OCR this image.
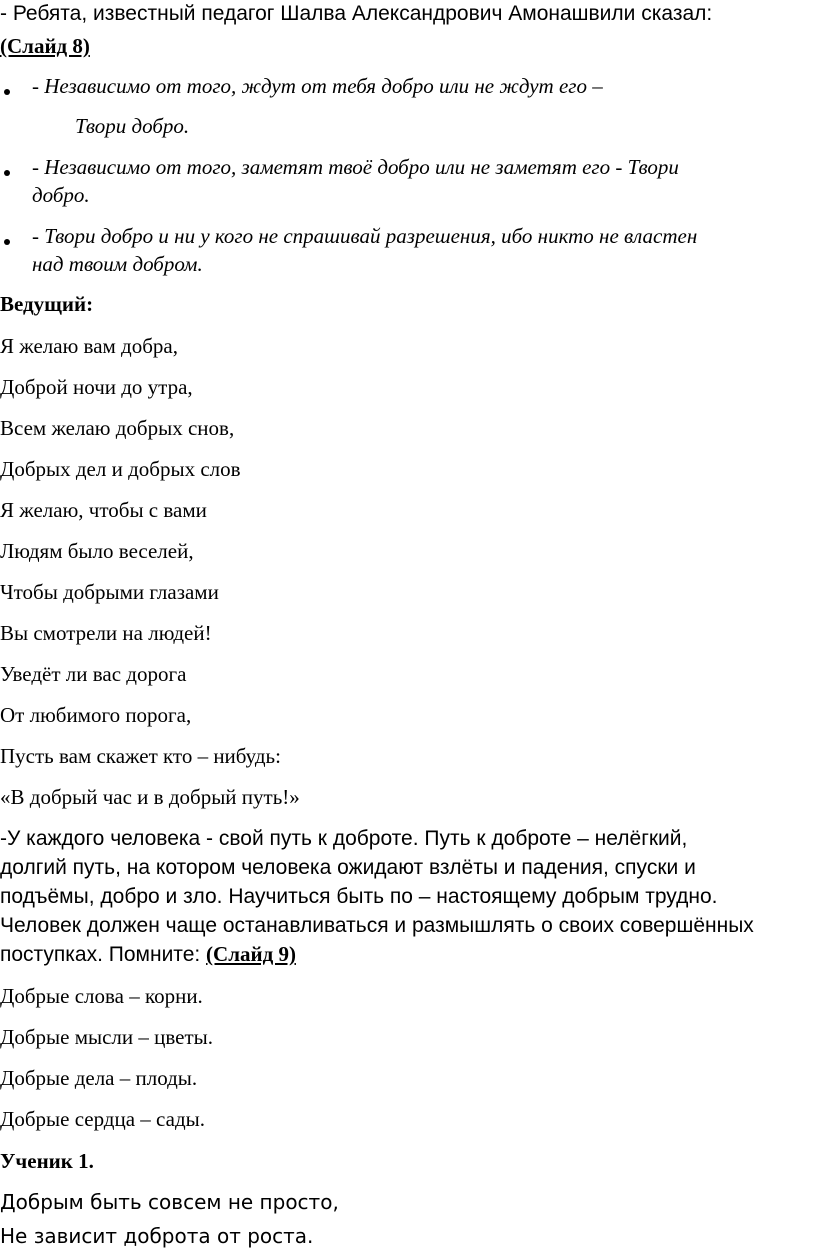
- Ребята, известный педагог Шалва Александрович Амонашвили сказал:
(Слайд 8)
- Независимо от того, ждут от тебя добро или не ждут его –
Твори добро.
- Независимо от того, заметят твоё добро или не заметят его - Твори
добро.
- Твори добро и ни у кого не спрашивай разрешения, ибо никто не властен
над твоим добром.
Ведущий:
Я желаю вам добра,
Доброй ночи до утра,
Всем желаю добрых снов,
Добрых дел и добрых слов
Я желаю, чтобы с вами
Людям было веселей,
Чтобы добрыми глазами
Вы смотрели на людей!
Уведёт ли вас дорога
От любимого порога,
Пусть вам скажет кто – нибудь:
«В добрый час и в добрый путь!»
-У каждого человека - свой путь к доброте. Путь к доброте – нелёгкий,
долгий путь, на котором человека ожидают взлёты и падения, спуски и
подъёмы, добро и зло. Научиться быть по – настоящему добрым трудно.
Человек должен чаще останавливаться и размышлять о своих совершённых
поступках. Помните: (Слайд 9)
Добрые слова – корни.
Добрые мысли – цветы.
Добрые дела – плоды.
Добрые сердца – сады.
Ученик 1.
Добрым быть совсем не просто,
Не зависит доброта от роста.
